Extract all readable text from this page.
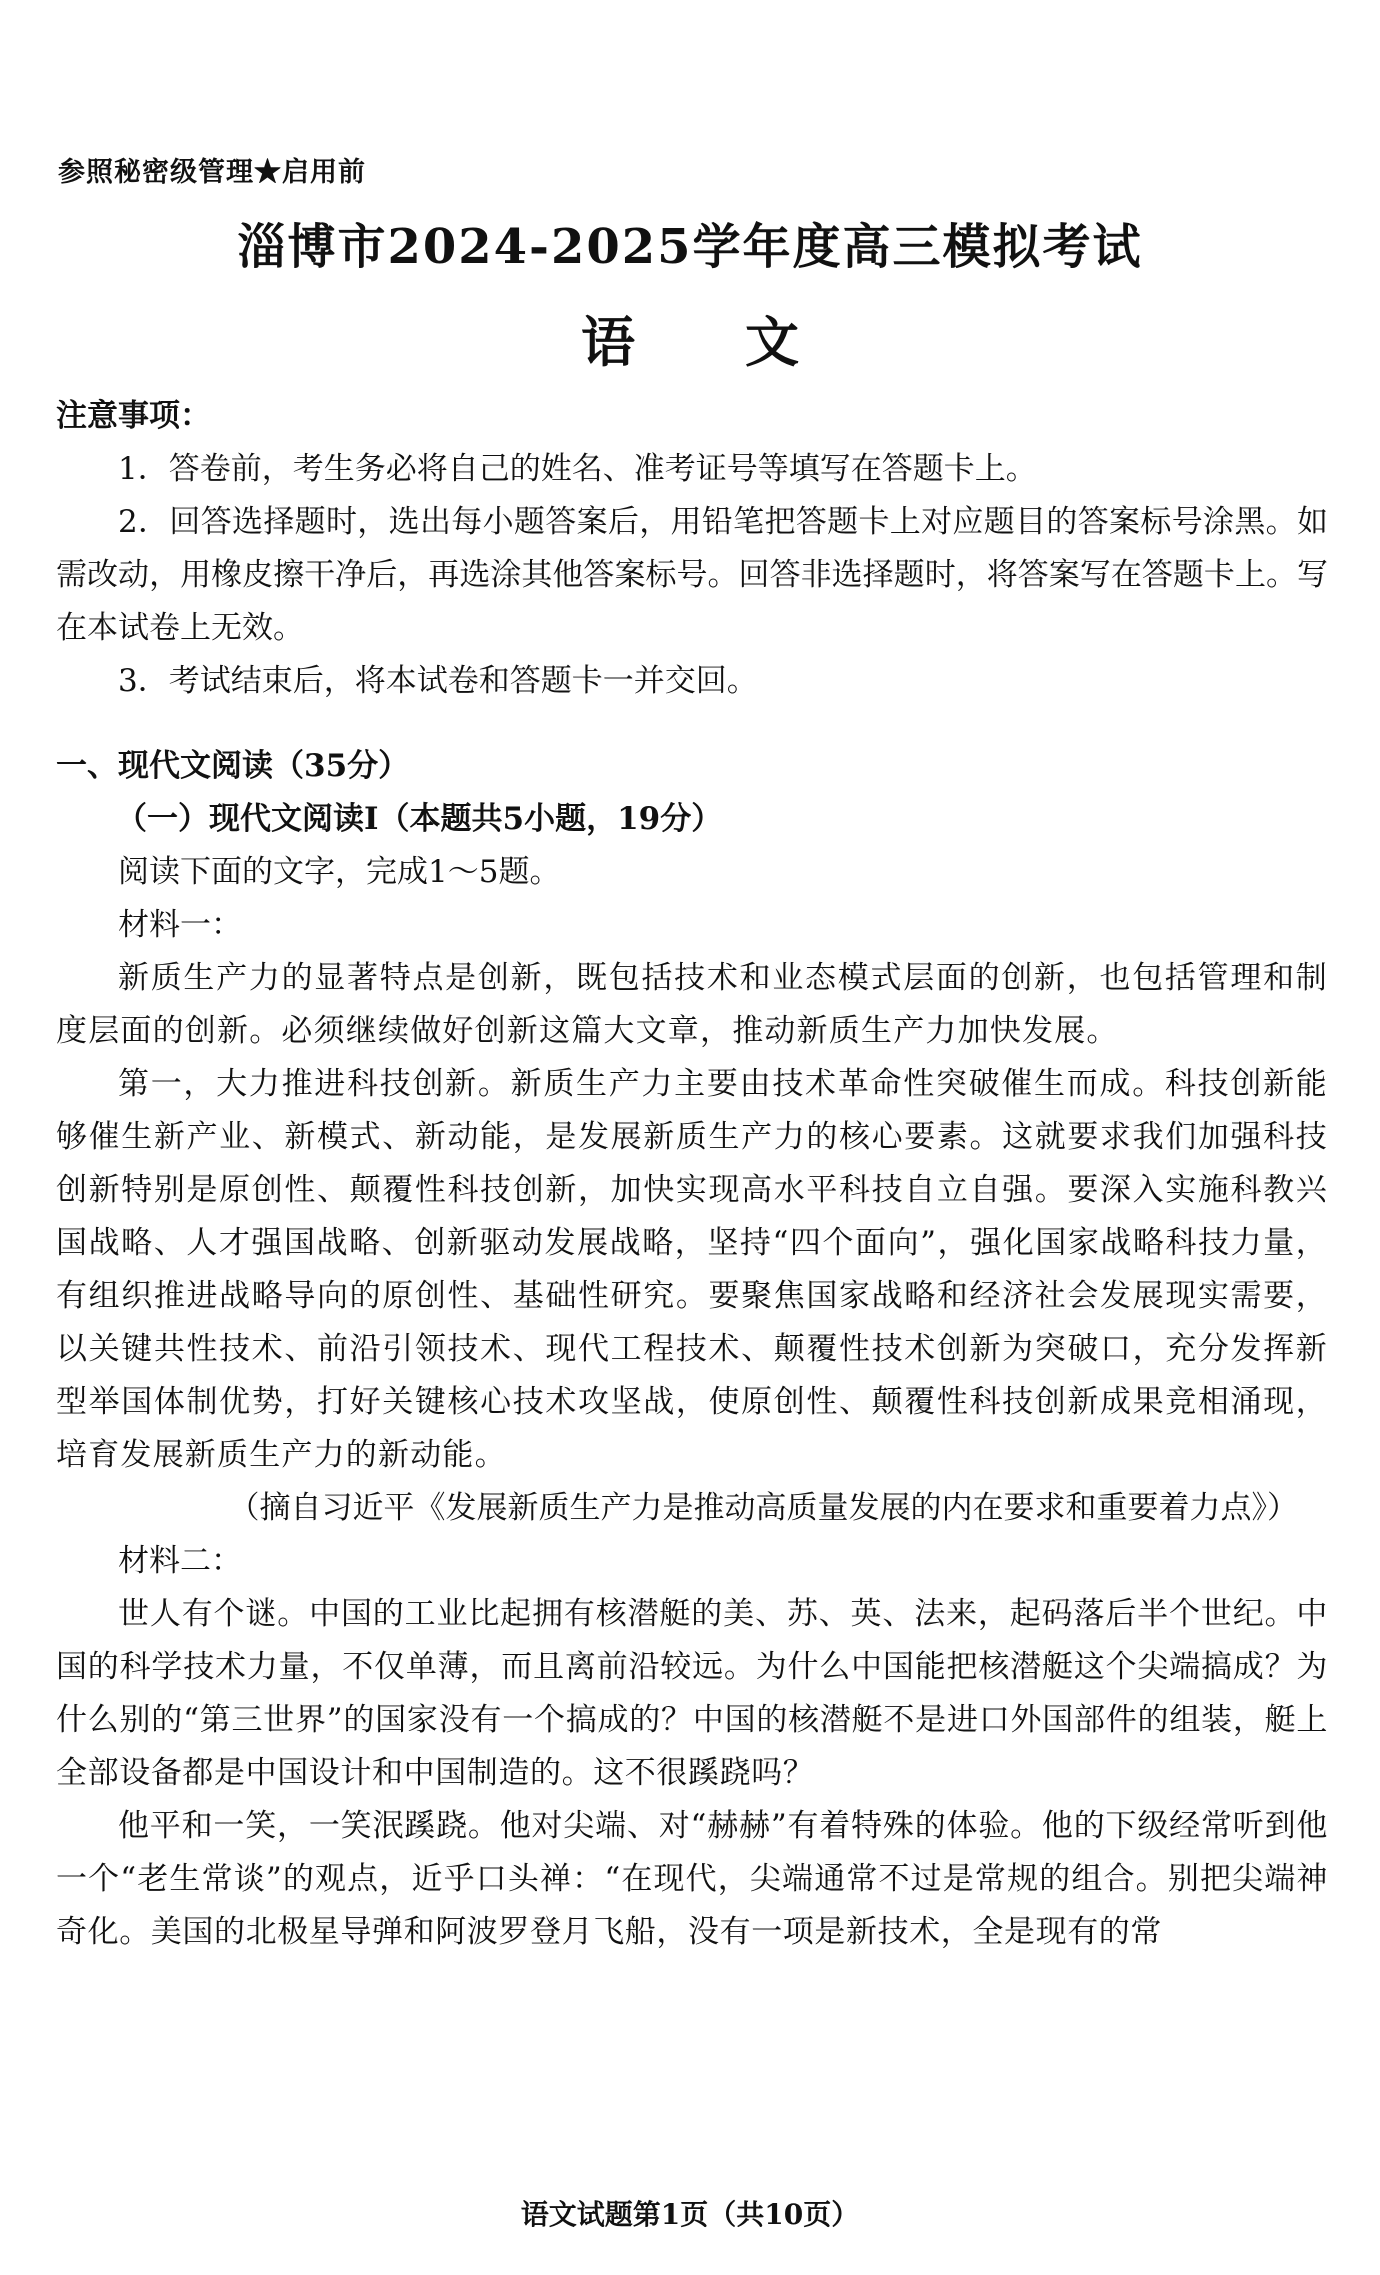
参照秘密级管理★启用前
淄博市2024-2025学年度高三模拟考试
语 文

注意事项：

1．答卷前，考生务必将自己的姓名、准考证号等填写在答题卡上。

2．回答选择题时，选出每小题答案后，用铅笔把答题卡上对应题目的答案标号涂黑。如需改动，用橡皮擦干净后，再选涂其他答案标号。回答非选择题时，将答案写在答题卡上。写在本试卷上无效。

3．考试结束后，将本试卷和答题卡一并交回。

一、现代文阅读（35分）

（一）现代文阅读Ⅰ（本题共5小题，19分）

阅读下面的文字，完成1～5题。

材料一：

新质生产力的显著特点是创新，既包括技术和业态模式层面的创新，也包括管理和制度层面的创新。必须继续做好创新这篇大文章，推动新质生产力加快发展。

第一，大力推进科技创新。新质生产力主要由技术革命性突破催生而成。科技创新能够催生新产业、新模式、新动能，是发展新质生产力的核心要素。这就要求我们加强科技创新特别是原创性、颠覆性科技创新，加快实现高水平科技自立自强。要深入实施科教兴国战略、人才强国战略、创新驱动发展战略，坚持“四个面向”，强化国家战略科技力量，有组织推进战略导向的原创性、基础性研究。要聚焦国家战略和经济社会发展现实需要，以关键共性技术、前沿引领技术、现代工程技术、颠覆性技术创新为突破口，充分发挥新型举国体制优势，打好关键核心技术攻坚战，使原创性、颠覆性科技创新成果竞相涌现，培育发展新质生产力的新动能。

（摘自习近平《发展新质生产力是推动高质量发展的内在要求和重要着力点》）

材料二：

世人有个谜。中国的工业比起拥有核潜艇的美、苏、英、法来，起码落后半个世纪。中国的科学技术力量，不仅单薄，而且离前沿较远。为什么中国能把核潜艇这个尖端搞成？为什么别的“第三世界”的国家没有一个搞成的？中国的核潜艇不是进口外国部件的组装，艇上全部设备都是中国设计和中国制造的。这不很蹊跷吗？

他平和一笑，一笑泯蹊跷。他对尖端、对“赫赫”有着特殊的体验。他的下级经常听到他一个“老生常谈”的观点，近乎口头禅：“在现代，尖端通常不过是常规的组合。别把尖端神奇化。美国的北极星导弹和阿波罗登月飞船，没有一项是新技术，全是现有的常

语文试题第1页（共10页）
